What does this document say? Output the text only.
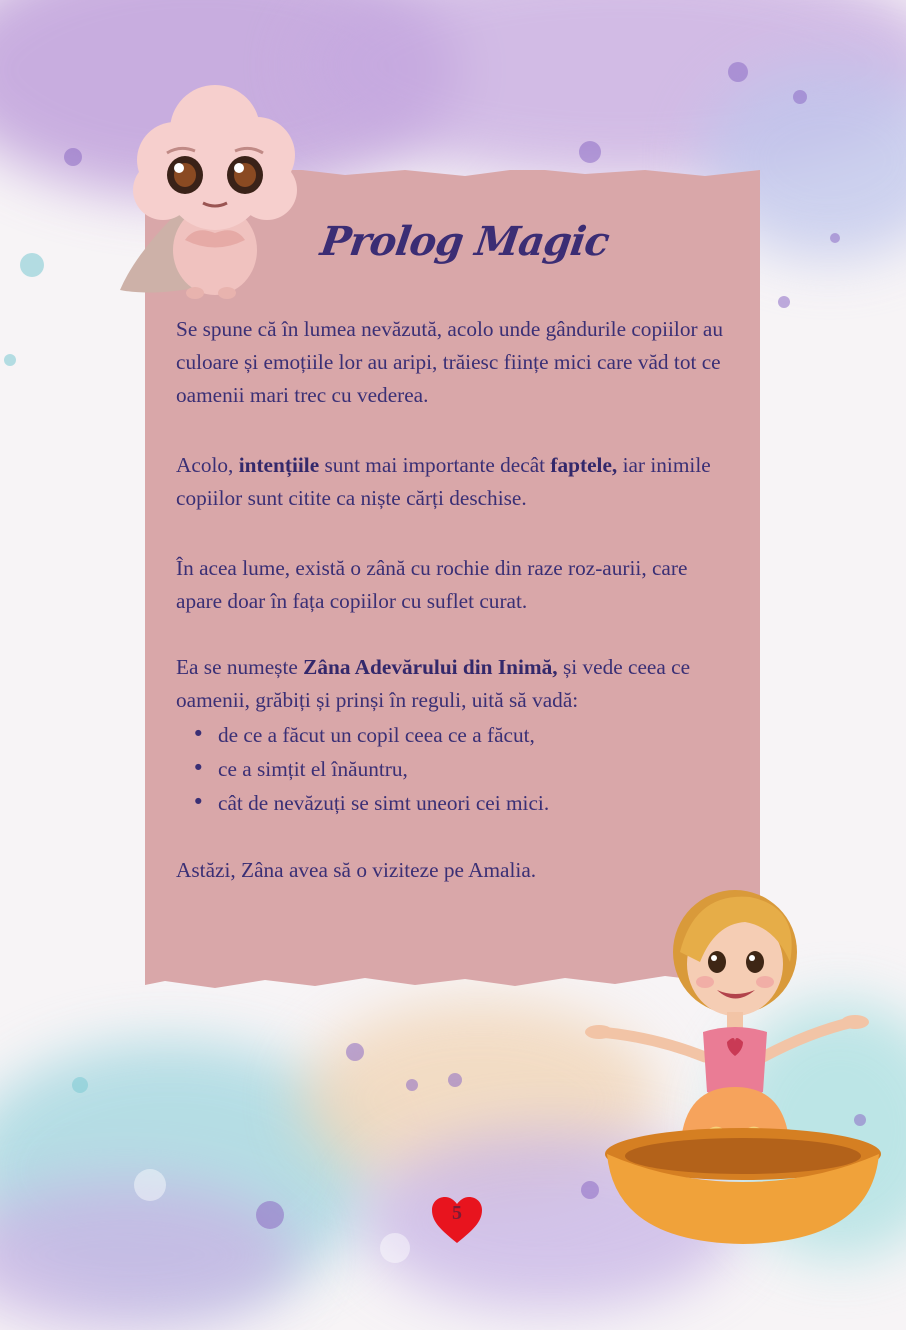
Prolog Magic
Se spune că în lumea nevăzută, acolo unde gândurile copiilor au culoare și emoțiile lor au aripi, trăiesc ființe mici care văd tot ce oamenii mari trec cu vederea.
Acolo, intențiile sunt mai importante decât faptele, iar inimile copiilor sunt citite ca niște cărți deschise.
În acea lume, există o zână cu rochie din raze roz-aurii, care apare doar în fața copiilor cu suflet curat.
Ea se numește Zâna Adevărului din Inimă, și vede ceea ce oamenii, grăbiți și prinși în reguli, uită să vadă:
• de ce a făcut un copil ceea ce a făcut,
• ce a simțit el înăuntru,
• cât de nevăzuți se simt uneori cei mici.
Astăzi, Zâna avea să o viziteze pe Amalia.
5
